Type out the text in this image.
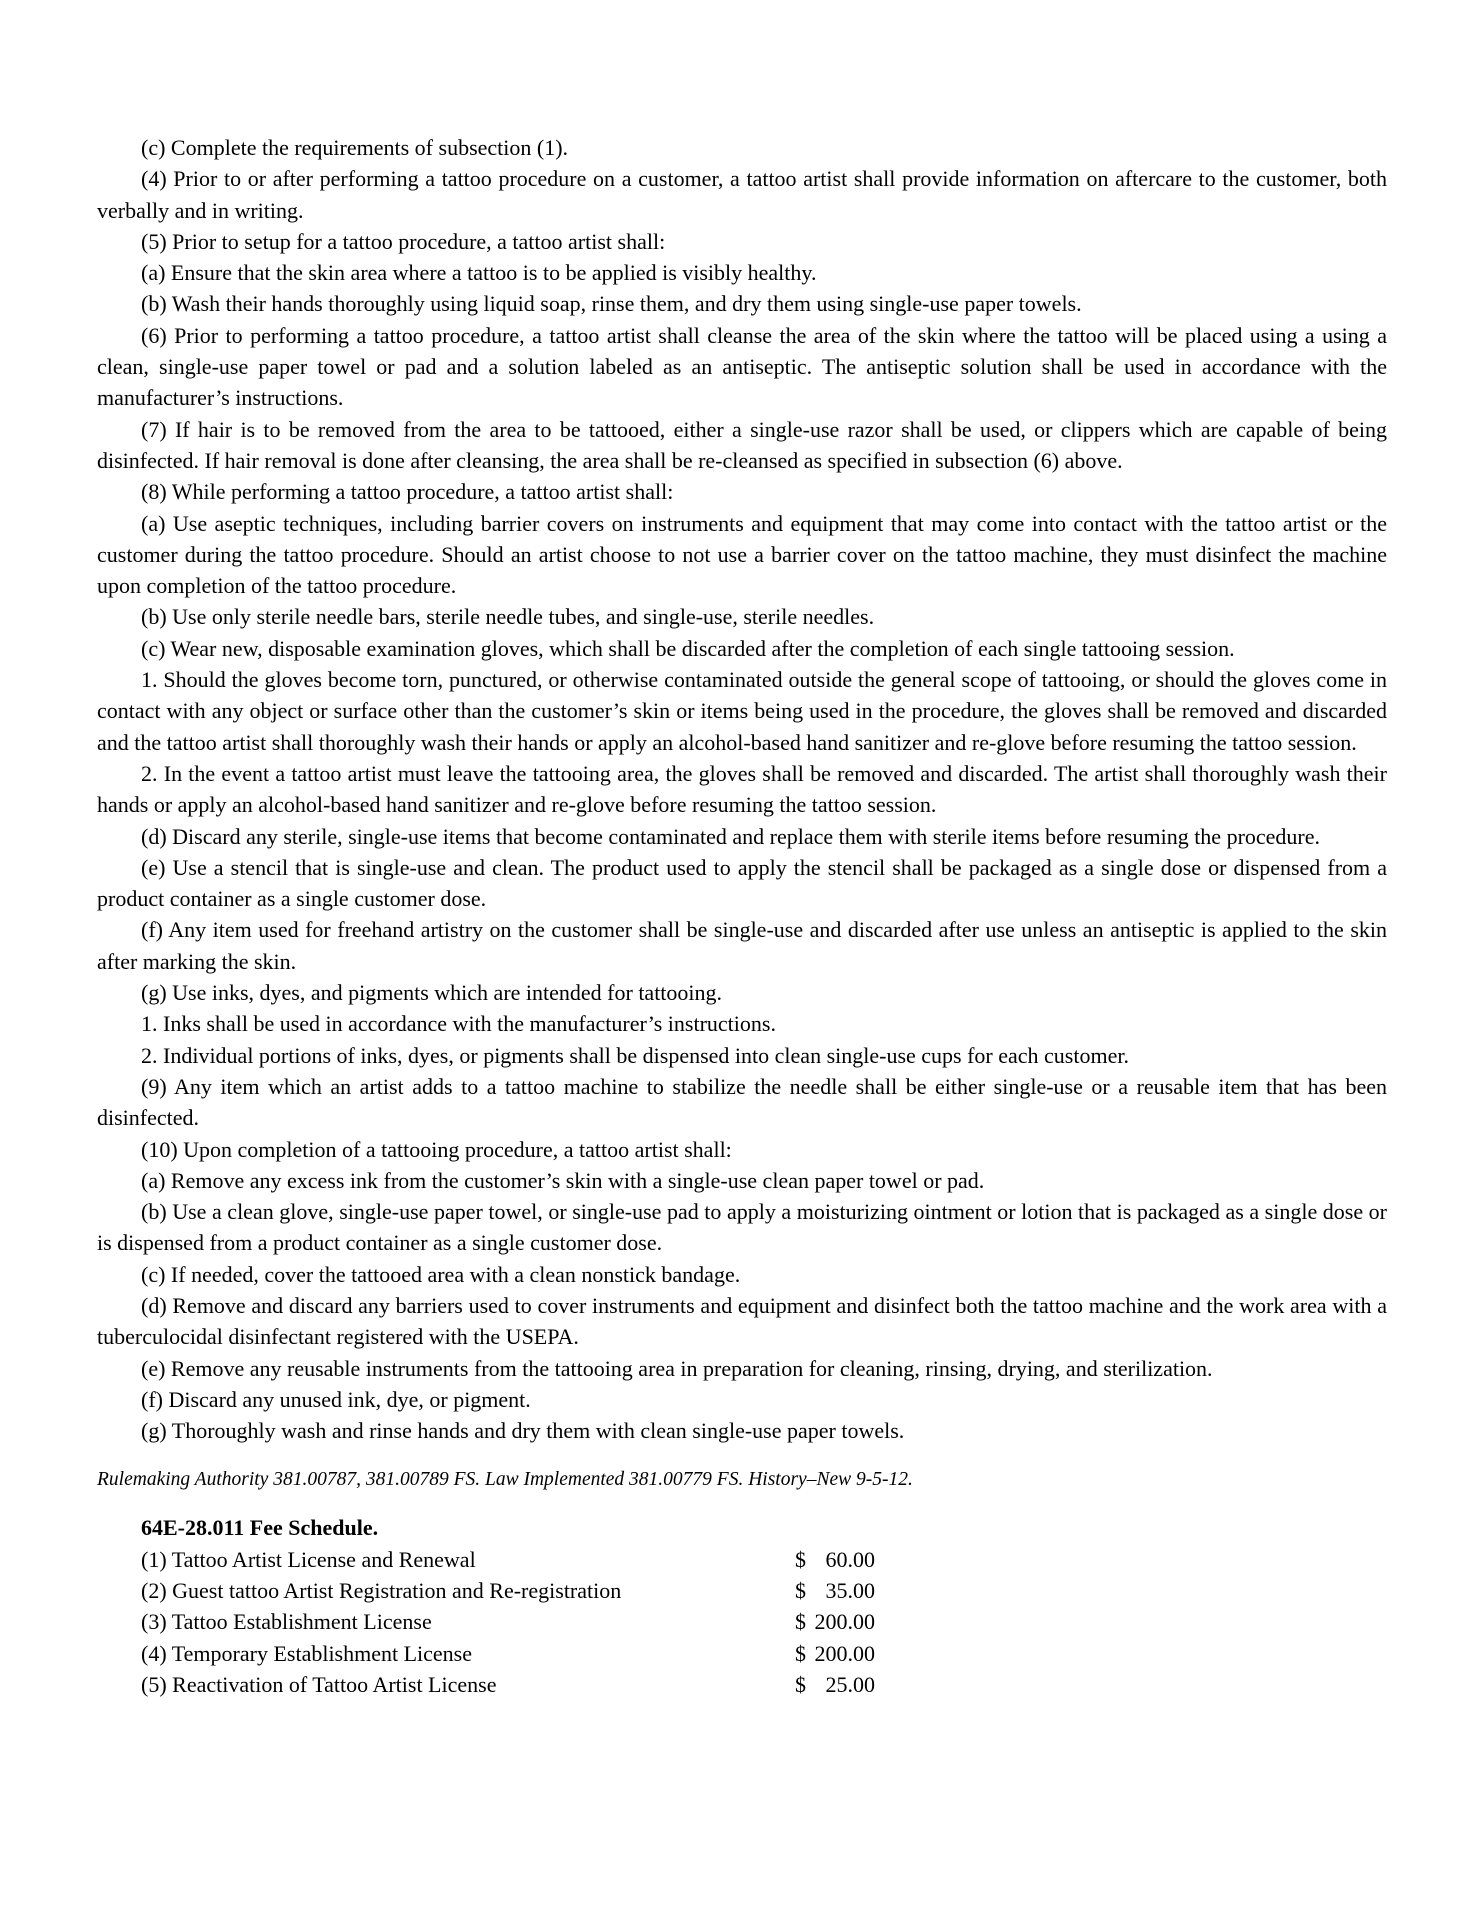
(c) Complete the requirements of subsection (1).

(4) Prior to or after performing a tattoo procedure on a customer, a tattoo artist shall provide information on aftercare to the customer, both verbally and in writing.

(5) Prior to setup for a tattoo procedure, a tattoo artist shall:

(a) Ensure that the skin area where a tattoo is to be applied is visibly healthy.

(b) Wash their hands thoroughly using liquid soap, rinse them, and dry them using single-use paper towels.

(6) Prior to performing a tattoo procedure, a tattoo artist shall cleanse the area of the skin where the tattoo will be placed using a using a clean, single-use paper towel or pad and a solution labeled as an antiseptic. The antiseptic solution shall be used in accordance with the manufacturer’s instructions.

(7) If hair is to be removed from the area to be tattooed, either a single-use razor shall be used, or clippers which are capable of being disinfected. If hair removal is done after cleansing, the area shall be re-cleansed as specified in subsection (6) above.

(8) While performing a tattoo procedure, a tattoo artist shall:

(a) Use aseptic techniques, including barrier covers on instruments and equipment that may come into contact with the tattoo artist or the customer during the tattoo procedure. Should an artist choose to not use a barrier cover on the tattoo machine, they must disinfect the machine upon completion of the tattoo procedure.

(b) Use only sterile needle bars, sterile needle tubes, and single-use, sterile needles.

(c) Wear new, disposable examination gloves, which shall be discarded after the completion of each single tattooing session.

1. Should the gloves become torn, punctured, or otherwise contaminated outside the general scope of tattooing, or should the gloves come in contact with any object or surface other than the customer’s skin or items being used in the procedure, the gloves shall be removed and discarded and the tattoo artist shall thoroughly wash their hands or apply an alcohol-based hand sanitizer and re-glove before resuming the tattoo session.

2. In the event a tattoo artist must leave the tattooing area, the gloves shall be removed and discarded. The artist shall thoroughly wash their hands or apply an alcohol-based hand sanitizer and re-glove before resuming the tattoo session.

(d) Discard any sterile, single-use items that become contaminated and replace them with sterile items before resuming the procedure.

(e) Use a stencil that is single-use and clean. The product used to apply the stencil shall be packaged as a single dose or dispensed from a product container as a single customer dose.

(f) Any item used for freehand artistry on the customer shall be single-use and discarded after use unless an antiseptic is applied to the skin after marking the skin.

(g) Use inks, dyes, and pigments which are intended for tattooing.

1. Inks shall be used in accordance with the manufacturer’s instructions.

2. Individual portions of inks, dyes, or pigments shall be dispensed into clean single-use cups for each customer.

(9) Any item which an artist adds to a tattoo machine to stabilize the needle shall be either single-use or a reusable item that has been disinfected.

(10) Upon completion of a tattooing procedure, a tattoo artist shall:

(a) Remove any excess ink from the customer’s skin with a single-use clean paper towel or pad.

(b) Use a clean glove, single-use paper towel, or single-use pad to apply a moisturizing ointment or lotion that is packaged as a single dose or is dispensed from a product container as a single customer dose.

(c) If needed, cover the tattooed area with a clean nonstick bandage.

(d) Remove and discard any barriers used to cover instruments and equipment and disinfect both the tattoo machine and the work area with a tuberculocidal disinfectant registered with the USEPA.

(e) Remove any reusable instruments from the tattooing area in preparation for cleaning, rinsing, drying, and sterilization.

(f) Discard any unused ink, dye, or pigment.

(g) Thoroughly wash and rinse hands and dry them with clean single-use paper towels.

Rulemaking Authority 381.00787, 381.00789 FS. Law Implemented 381.00779 FS. History–New 9-5-12.

64E-28.011 Fee Schedule.

(1) Tattoo Artist License and Renewal	$ 60.00
(2) Guest tattoo Artist Registration and Re-registration	$ 35.00
(3) Tattoo Establishment License	$ 200.00
(4) Temporary Establishment License	$ 200.00
(5) Reactivation of Tattoo Artist License	$ 25.00
